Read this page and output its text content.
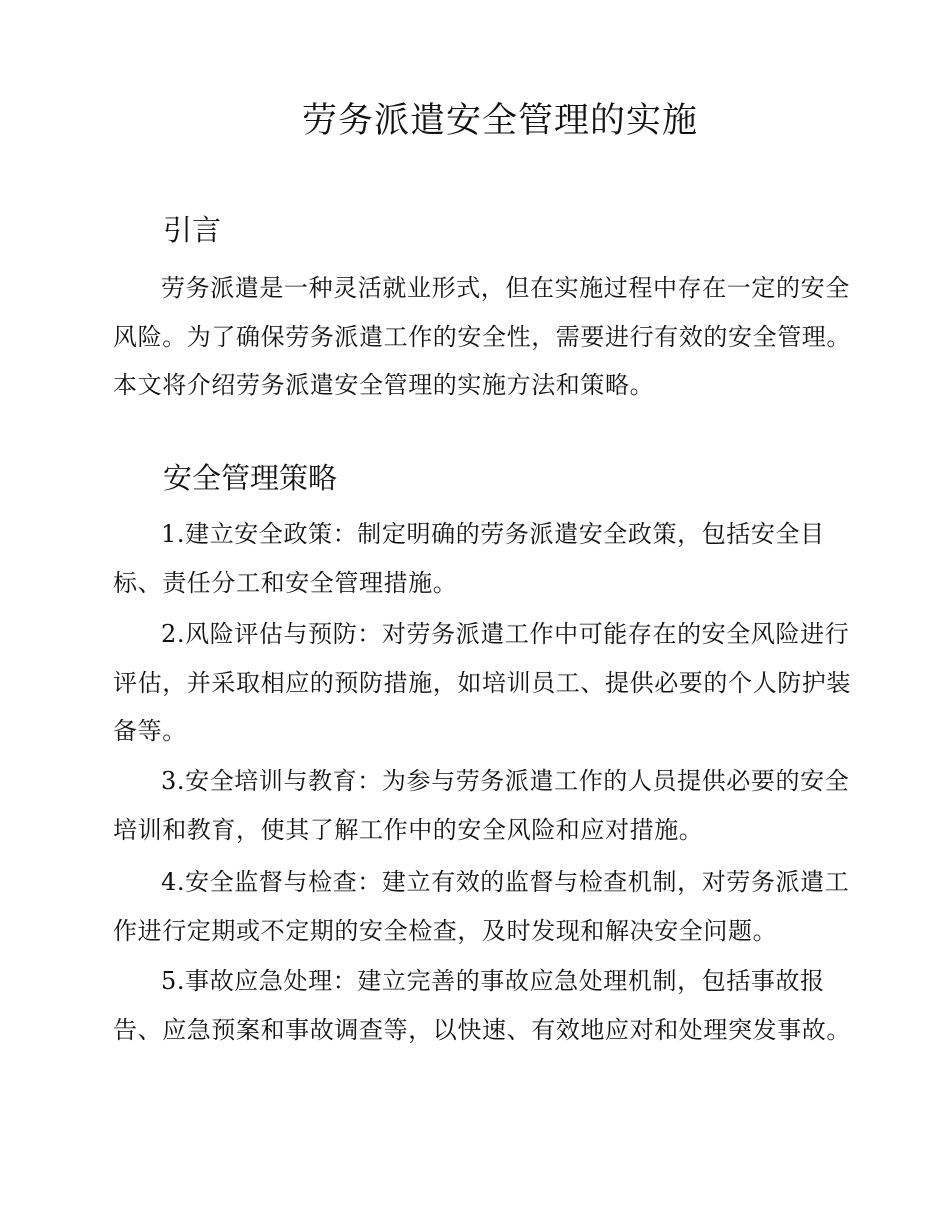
劳务派遣安全管理的实施
引言

劳务派遣是一种灵活就业形式，但在实施过程中存在一定的安全风险。为了确保劳务派遣工作的安全性，需要进行有效的安全管理。本文将介绍劳务派遣安全管理的实施方法和策略。

安全管理策略

1.建立安全政策：制定明确的劳务派遣安全政策，包括安全目标、责任分工和安全管理措施。

2.风险评估与预防：对劳务派遣工作中可能存在的安全风险进行评估，并采取相应的预防措施，如培训员工、提供必要的个人防护装备等。

3.安全培训与教育：为参与劳务派遣工作的人员提供必要的安全培训和教育，使其了解工作中的安全风险和应对措施。

4.安全监督与检查：建立有效的监督与检查机制，对劳务派遣工作进行定期或不定期的安全检查，及时发现和解决安全问题。

5.事故应急处理：建立完善的事故应急处理机制，包括事故报告、应急预案和事故调查等，以快速、有效地应对和处理突发事故。
